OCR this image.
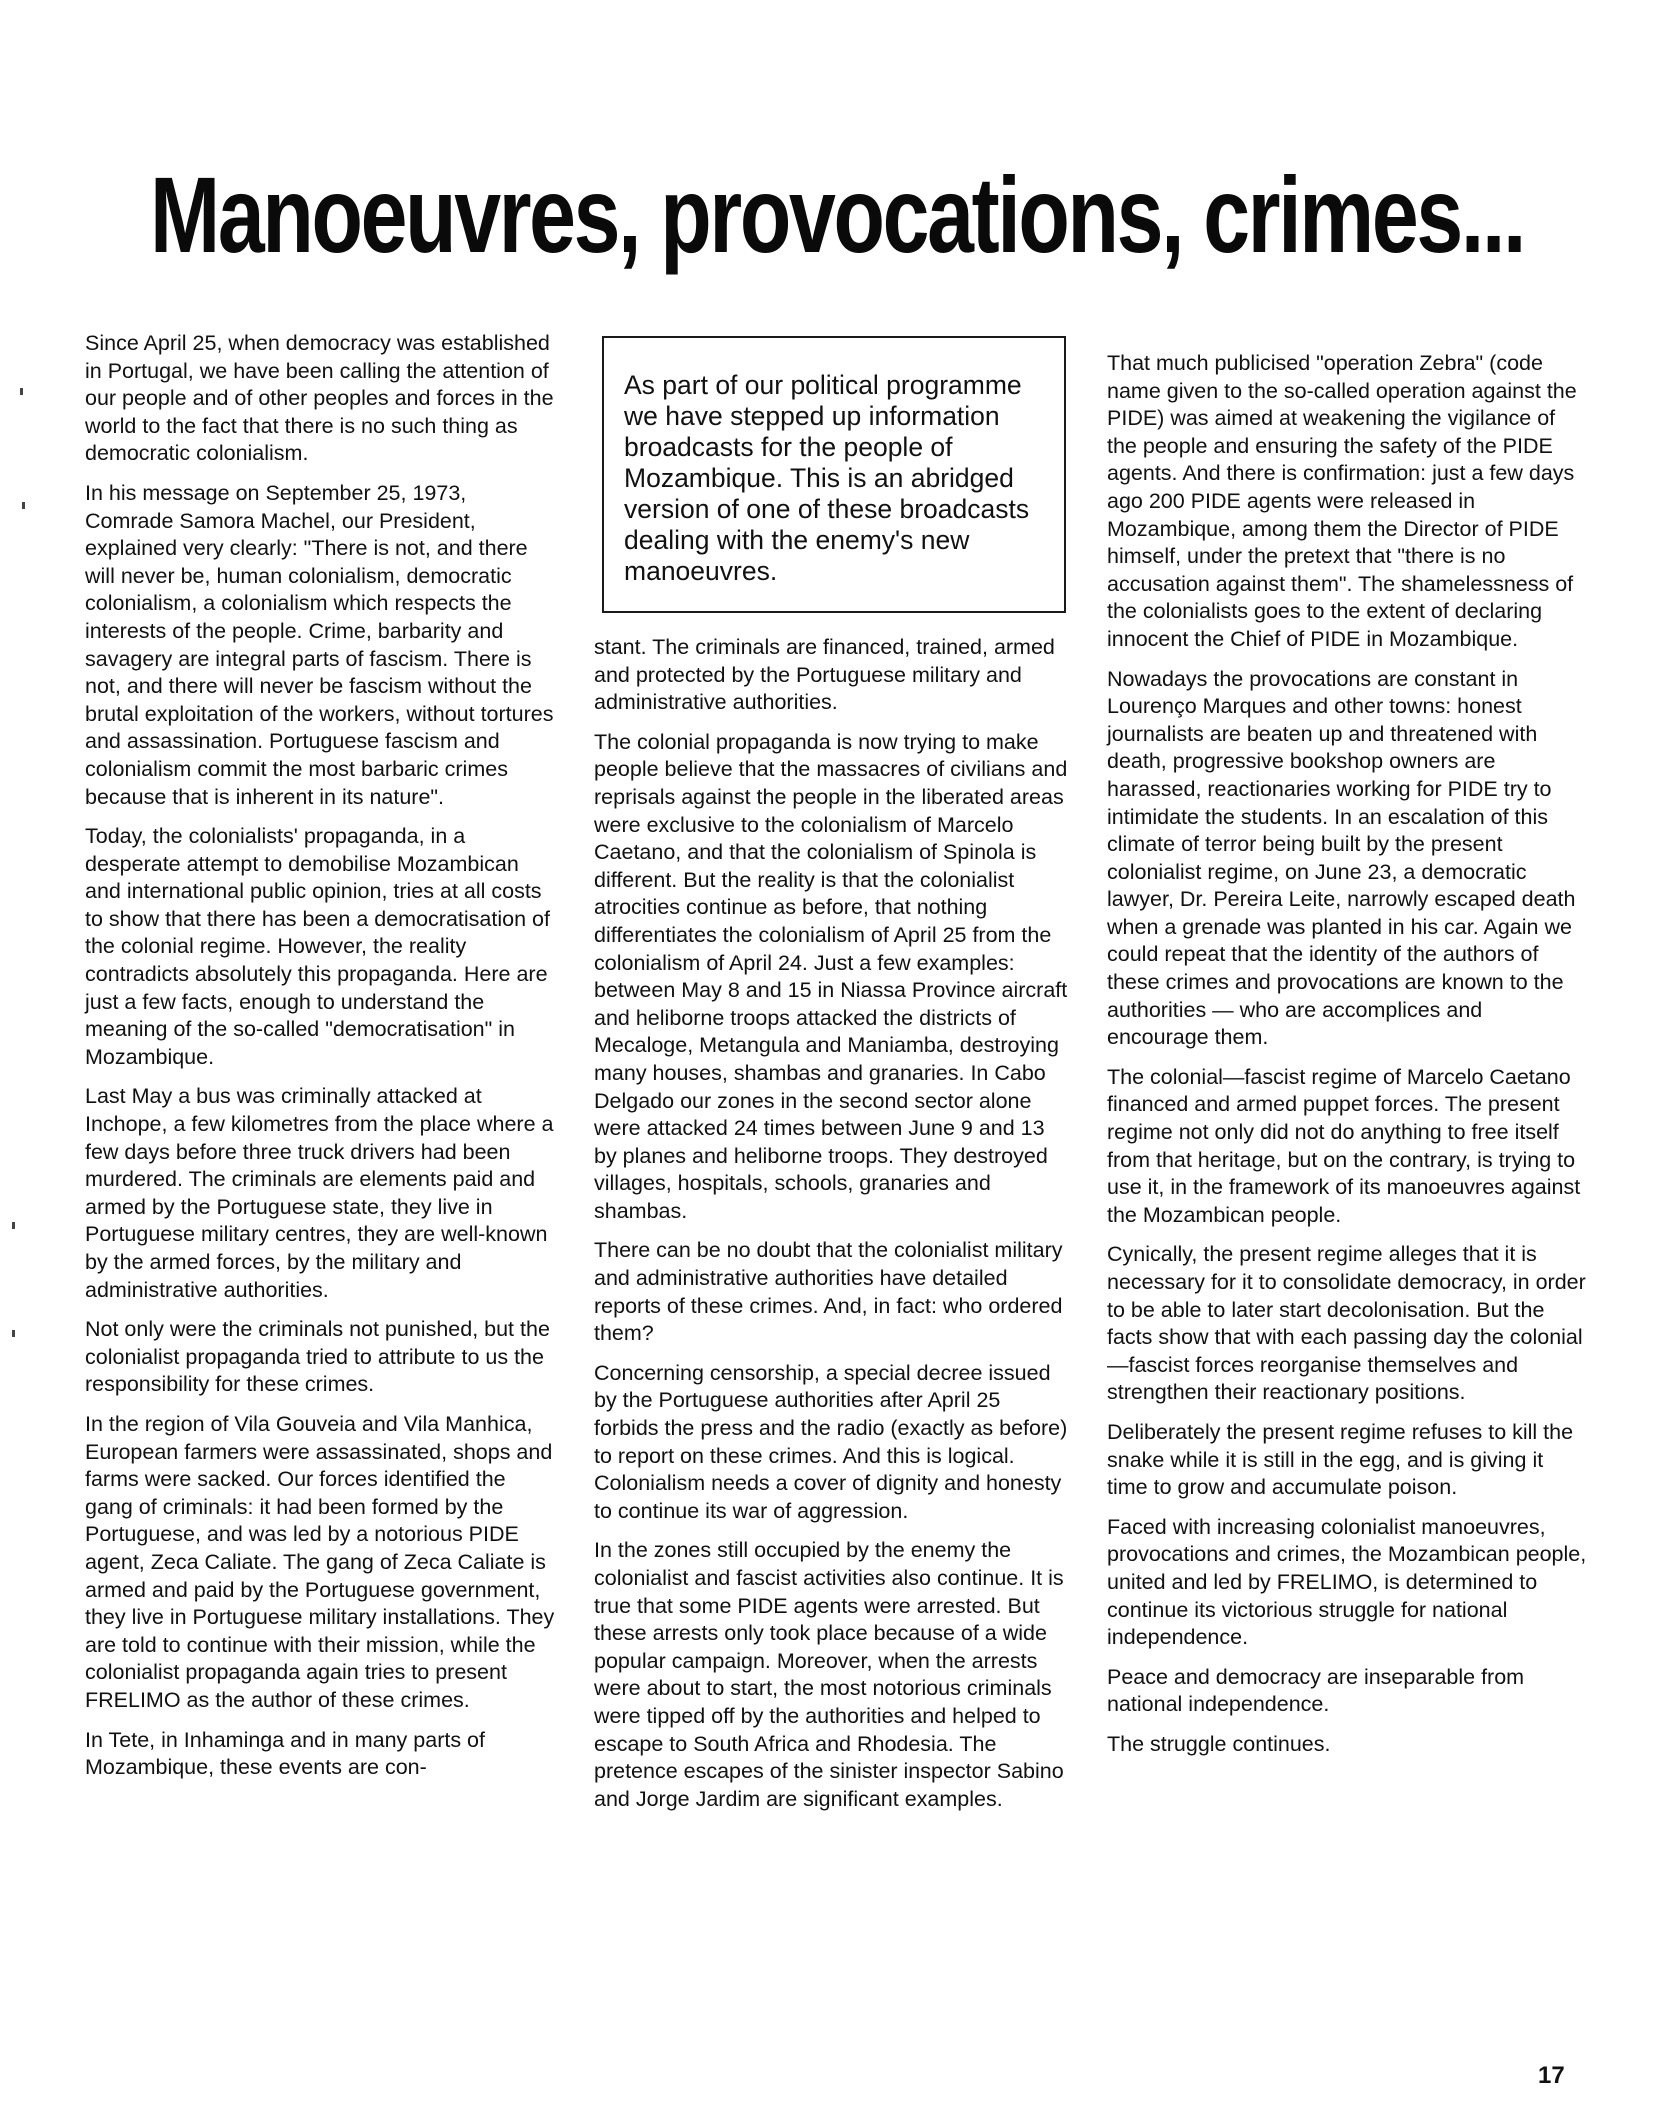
Manoeuvres, provocations, crimes...

Since April 25, when democracy was established in Portugal, we have been calling the attention of our people and of other peoples and forces in the world to the fact that there is no such thing as democratic colonialism.

In his message on September 25, 1973, Comrade Samora Machel, our President, explained very clearly: "There is not, and there will never be, human colonialism, democratic colonialism, a colonialism which respects the interests of the people. Crime, barbarity and savagery are integral parts of fascism. There is not, and there will never be fascism without the brutal exploitation of the workers, without tortures and assassination. Portuguese fascism and colonialism commit the most barbaric crimes because that is inherent in its nature".

Today, the colonialists' propaganda, in a desperate attempt to demobilise Mozambican and international public opinion, tries at all costs to show that there has been a democratisation of the colonial regime. However, the reality contradicts absolutely this propaganda. Here are just a few facts, enough to understand the meaning of the so-called "democratisation" in Mozambique.

Last May a bus was criminally attacked at Inchope, a few kilometres from the place where a few days before three truck drivers had been murdered. The criminals are elements paid and armed by the Portuguese state, they live in Portuguese military centres, they are well-known by the armed forces, by the military and administrative authorities.

Not only were the criminals not punished, but the colonialist propaganda tried to attribute to us the responsibility for these crimes.

In the region of Vila Gouveia and Vila Manhica, European farmers were assassinated, shops and farms were sacked. Our forces identified the gang of criminals: it had been formed by the Portuguese, and was led by a notorious PIDE agent, Zeca Caliate. The gang of Zeca Caliate is armed and paid by the Portuguese government, they live in Portuguese military installations. They are told to continue with their mission, while the colonialist propaganda again tries to present FRELIMO as the author of these crimes.

In Tete, in Inhaminga and in many parts of Mozambique, these events are con-

As part of our political programme we have stepped up information broadcasts for the people of Mozambique. This is an abridged version of one of these broadcasts dealing with the enemy's new manoeuvres.

stant. The criminals are financed, trained, armed and protected by the Portuguese military and administrative authorities.

The colonial propaganda is now trying to make people believe that the massacres of civilians and reprisals against the people in the liberated areas were exclusive to the colonialism of Marcelo Caetano, and that the colonialism of Spinola is different. But the reality is that the colonialist atrocities continue as before, that nothing differentiates the colonialism of April 25 from the colonialism of April 24. Just a few examples: between May 8 and 15 in Niassa Province aircraft and heliborne troops attacked the districts of Mecaloge, Metangula and Maniamba, destroying many houses, shambas and granaries. In Cabo Delgado our zones in the second sector alone were attacked 24 times between June 9 and 13 by planes and heliborne troops. They destroyed villages, hospitals, schools, granaries and shambas.

There can be no doubt that the colonialist military and administrative authorities have detailed reports of these crimes. And, in fact: who ordered them?

Concerning censorship, a special decree issued by the Portuguese authorities after April 25 forbids the press and the radio (exactly as before) to report on these crimes. And this is logical. Colonialism needs a cover of dignity and honesty to continue its war of aggression.

In the zones still occupied by the enemy the colonialist and fascist activities also continue. It is true that some PIDE agents were arrested. But these arrests only took place because of a wide popular campaign. Moreover, when the arrests were about to start, the most notorious criminals were tipped off by the authorities and helped to escape to South Africa and Rhodesia. The pretence escapes of the sinister inspector Sabino and Jorge Jardim are significant examples.

That much publicised "operation Zebra" (code name given to the so-called operation against the PIDE) was aimed at weakening the vigilance of the people and ensuring the safety of the PIDE agents. And there is confirmation: just a few days ago 200 PIDE agents were released in Mozambique, among them the Director of PIDE himself, under the pretext that "there is no accusation against them". The shamelessness of the colonialists goes to the extent of declaring innocent the Chief of PIDE in Mozambique.

Nowadays the provocations are constant in Lourenço Marques and other towns: honest journalists are beaten up and threatened with death, progressive bookshop owners are harassed, reactionaries working for PIDE try to intimidate the students. In an escalation of this climate of terror being built by the present colonialist regime, on June 23, a democratic lawyer, Dr. Pereira Leite, narrowly escaped death when a grenade was planted in his car. Again we could repeat that the identity of the authors of these crimes and provocations are known to the authorities — who are accomplices and encourage them.

The colonial—fascist regime of Marcelo Caetano financed and armed puppet forces. The present regime not only did not do anything to free itself from that heritage, but on the contrary, is trying to use it, in the framework of its manoeuvres against the Mozambican people.

Cynically, the present regime alleges that it is necessary for it to consolidate democracy, in order to be able to later start decolonisation. But the facts show that with each passing day the colonial—fascist forces reorganise themselves and strengthen their reactionary positions.

Deliberately the present regime refuses to kill the snake while it is still in the egg, and is giving it time to grow and accumulate poison.

Faced with increasing colonialist manoeuvres, provocations and crimes, the Mozambican people, united and led by FRELIMO, is determined to continue its victorious struggle for national independence.

Peace and democracy are inseparable from national independence.

The struggle continues.

17
